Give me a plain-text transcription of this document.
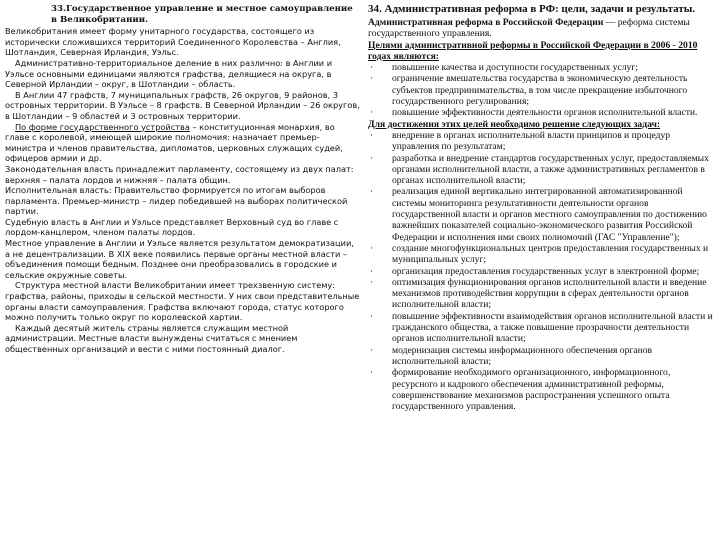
33.Государственное управление и местное самоуправление в Великобритании.

Великобритания имеет форму унитарного государства, состоящего из исторически сложившихся территорий Соединенного Королевства – Англия, Шотландия, Северная Ирландия, Уэльс.

Административно-территориальное деление в них различно: в Англии и Уэльсе основными единицами являются графства, делящиеся на округа, в Северной Ирландии – округ, в Шотландии – область.

В Англии 47 графств, 7 муниципальных графств, 26 округов, 9 районов, 3 островных территории. В Уэльсе – 8 графств. В Северной Ирландии – 26 округов, в Шотландии – 9 областей и 3 островных территории.

По форме государственного устройства – конституционная монархия, во главе с королевой, имеющей широкие полномочия: назначает премьер-министра и членов правительства, дипломатов, церковных служащих судей, офицеров армии и др.

Законодательная власть принадлежит парламенту, состоящему из двух палат: верхняя – палата лордов и нижняя – палата общин.

Исполнительная власть: Правительство формируется по итогам выборов парламента. Премьер-министр – лидер победившей на выборах политической партии.

Судебную власть в Англии и Уэльсе представляет Верховный суд во главе с лордом-канцлером, членом палаты лордов.

Местное управление в Англии и Уэльсе является результатом демократизации, а не децентрализации. В XIX веке появились первые органы местной власти – объединения помощи бедным. Позднее они преобразовались в городские и сельские окружные советы.

Структура местной власти Великобритании имеет трехзвенную систему: графства, районы, приходы в сельской местности. У них свои представительные органы власти самоуправления. Графства включают города, статус которого можно получить только округ по королевской хартии.

Каждый десятый житель страны является служащим местной администрации. Местные власти вынуждены считаться с мнением общественных организаций и вести с ними постоянный диалог.

34. Административная реформа в РФ: цели, задачи и результаты.

Административная реформа в Российской Федерации — реформа системы государственного управления.

Целями административной реформы в Российской Федерации в 2006 - 2010 годах являются:

·	повышение качества и доступности государственных услуг;
·	ограничение вмешательства государства в экономическую деятельность субъектов предпринимательства, в том числе прекращение избыточного государственного регулирования;
·	повышение эффективности деятельности органов исполнительной власти.

Для достижения этих целей необходимо решение следующих задач:

·	внедрение в органах исполнительной власти принципов и процедур управления по результатам;
·	разработка и внедрение стандартов государственных услуг, предоставляемых органами исполнительной власти, а также административных регламентов в органах исполнительной власти;
·	реализация единой вертикально интегрированной автоматизированной системы мониторинга результативности деятельности органов государственной власти и органов местного самоуправления по достижению важнейших показателей социально-экономического развития Российской Федерации и исполнения ими своих полномочий (ГАС "Управление");
·	создание многофункциональных центров предоставления государственных и муниципальных услуг;
·	организация предоставления государственных услуг в электронной форме;
·	оптимизация функционирования органов исполнительной власти и введение механизмов противодействия коррупции в сферах деятельности органов исполнительной власти;
·	повышение эффективности взаимодействия органов исполнительной власти и гражданского общества, а также повышение прозрачности деятельности органов исполнительной власти;
·	модернизация системы информационного обеспечения органов исполнительной власти;
·	формирование необходимого организационного, информационного, ресурсного и кадрового обеспечения административной реформы, совершенствование механизмов распространения успешного опыта государственного управления.
